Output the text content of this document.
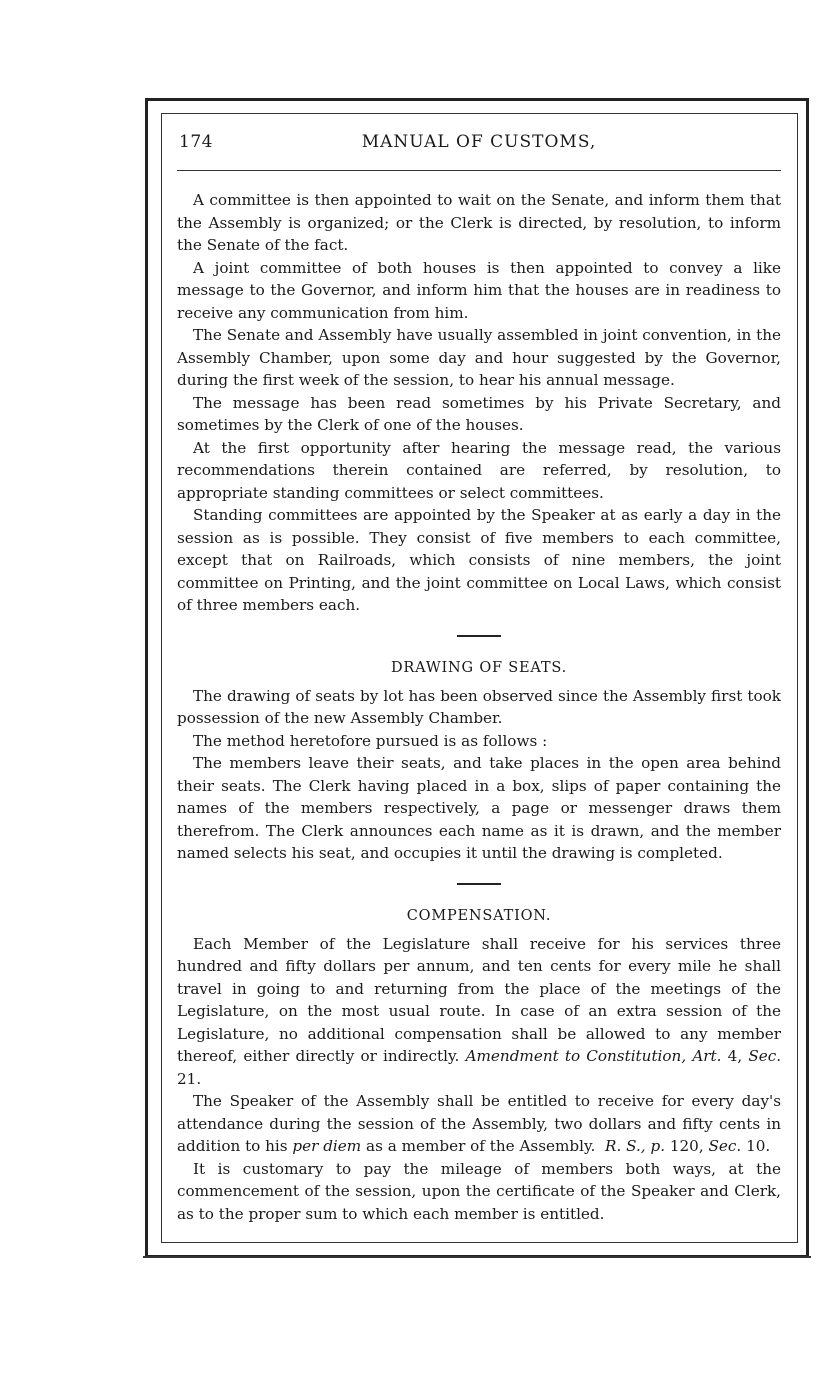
174	MANUAL OF CUSTOMS,

A committee is then appointed to wait on the Senate, and inform them that the Assembly is organized; or the Clerk is directed, by resolution, to inform the Senate of the fact.

A joint committee of both houses is then appointed to convey a like message to the Governor, and inform him that the houses are in readiness to receive any communication from him.

The Senate and Assembly have usually assembled in joint convention, in the Assembly Chamber, upon some day and hour suggested by the Governor, during the first week of the session, to hear his annual message.

The message has been read sometimes by his Private Secretary, and sometimes by the Clerk of one of the houses.

At the first opportunity after hearing the message read, the various recommendations therein contained are referred, by resolution, to appropriate standing committees or select committees.

Standing committees are appointed by the Speaker at as early a day in the session as is possible. They consist of five members to each committee, except that on Railroads, which consists of nine members, the joint committee on Printing, and the joint committee on Local Laws, which consist of three members each.

DRAWING OF SEATS.

The drawing of seats by lot has been observed since the Assembly first took possession of the new Assembly Chamber.

The method heretofore pursued is as follows :

The members leave their seats, and take places in the open area behind their seats. The Clerk having placed in a box, slips of paper containing the names of the members respectively, a page or messenger draws them therefrom. The Clerk announces each name as it is drawn, and the member named selects his seat, and occupies it until the drawing is completed.

COMPENSATION.

Each Member of the Legislature shall receive for his services three hundred and fifty dollars per annum, and ten cents for every mile he shall travel in going to and returning from the place of the meetings of the Legislature, on the most usual route. In case of an extra session of the Legislature, no additional compensation shall be allowed to any member thereof, either directly or indirectly. Amendment to Constitution, Art. 4, Sec. 21.

The Speaker of the Assembly shall be entitled to receive for every day's attendance during the session of the Assembly, two dollars and fifty cents in addition to his per diem as a member of the Assembly. R. S., p. 120, Sec. 10.

It is customary to pay the mileage of members both ways, at the commencement of the session, upon the certificate of the Speaker and Clerk, as to the proper sum to which each member is entitled.
